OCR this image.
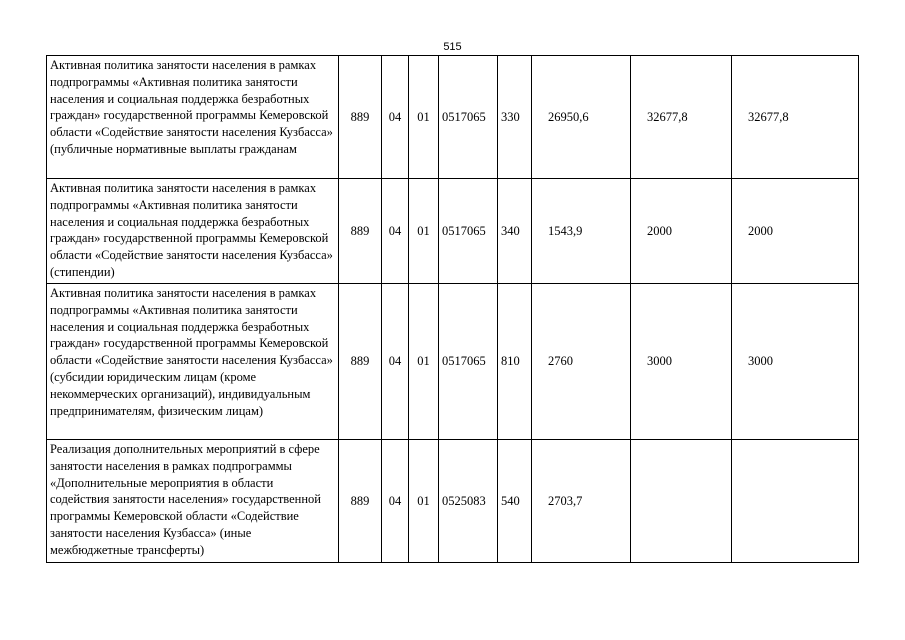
515
Активная политика занятости населения в рамках подпрограммы «Активная политика занятости населения и социальная поддержка безработных граждан» государственной программы Кемеровской области «Содействие занятости населения Кузбасса» (публичные нормативные выплаты гражданам	889	04	01	0517065	330	26950,6	32677,8	32677,8
Активная политика занятости населения в рамках подпрограммы «Активная политика занятости населения и социальная поддержка безработных граждан» государственной программы Кемеровской области «Содействие занятости населения Кузбасса» (стипендии)	889	04	01	0517065	340	1543,9	2000	2000
Активная политика занятости населения в рамках подпрограммы «Активная политика занятости населения и социальная поддержка безработных граждан» государственной программы Кемеровской области «Содействие занятости населения Кузбасса» (субсидии юридическим лицам (кроме некоммерческих организаций), индивидуальным предпринимателям, физическим лицам)	889	04	01	0517065	810	2760	3000	3000
Реализация дополнительных мероприятий в сфере занятости населения в рамках подпрограммы «Дополнительные мероприятия в области содействия занятости населения» государственной программы Кемеровской области «Содействие занятости населения Кузбасса» (иные межбюджетные трансферты)	889	04	01	0525083	540	2703,7		
